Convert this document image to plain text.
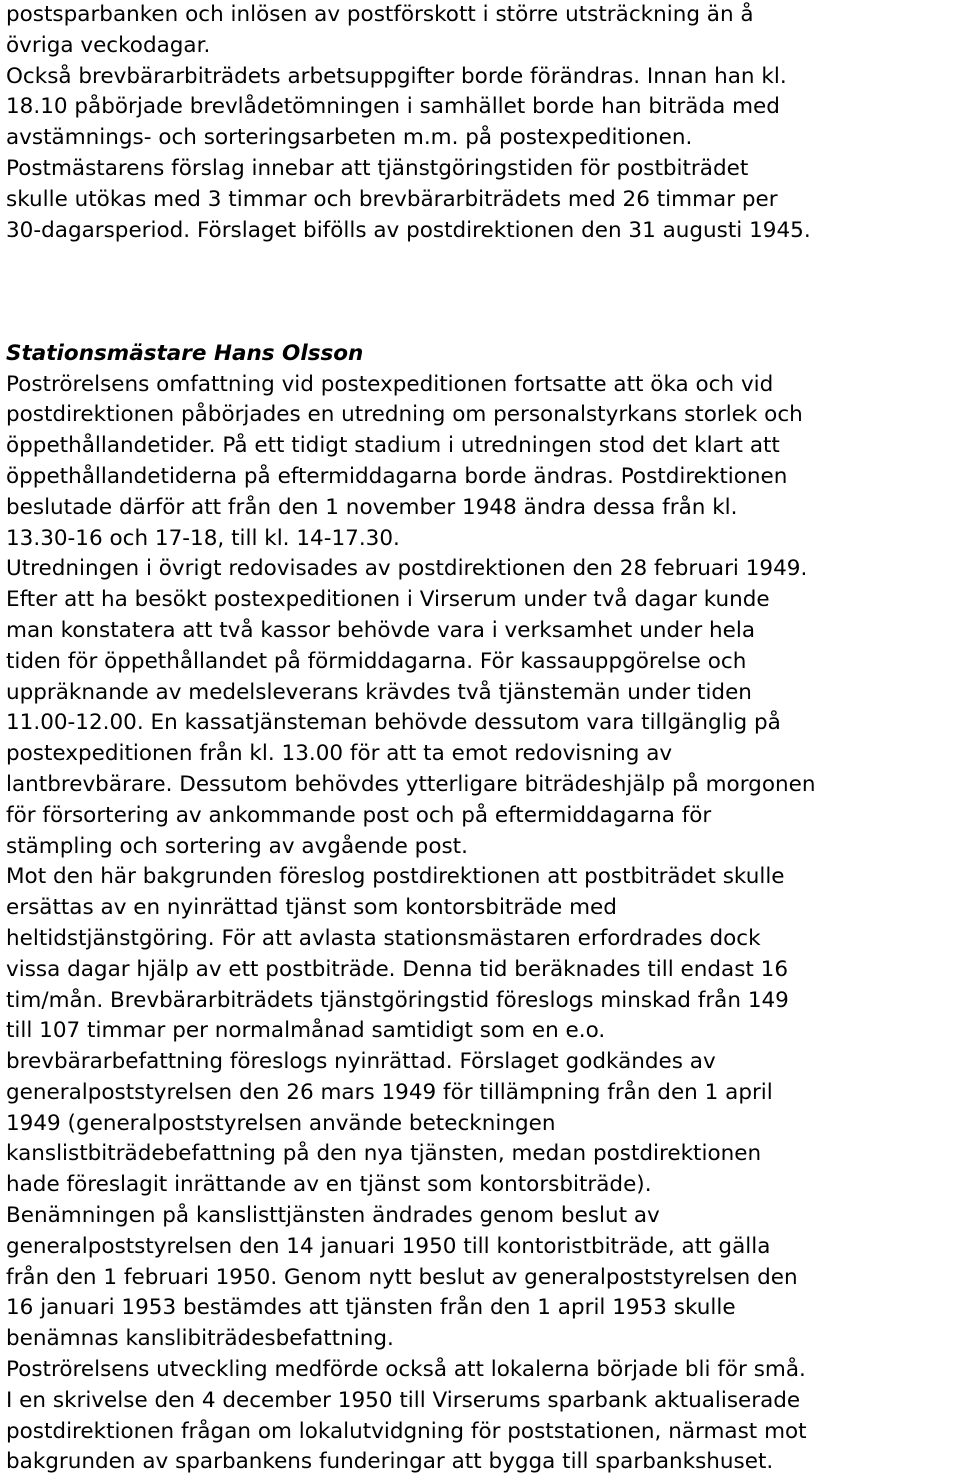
postsparbanken och inlösen av postförskott i större utsträckning än å
övriga veckodagar.
Också brevbärarbiträdets arbetsuppgifter borde förändras. Innan han kl.
18.10 påbörjade brevlådetömningen i samhället borde han biträda med
avstämnings- och sorteringsarbeten m.m. på postexpeditionen.
Postmästarens förslag innebar att tjänstgöringstiden för postbiträdet
skulle utökas med 3 timmar och brevbärarbiträdets med 26 timmar per
30-dagarsperiod. Förslaget bifölls av postdirektionen den 31 augusti 1945.
Stationsmästare Hans Olsson
Poströrelsens omfattning vid postexpeditionen fortsatte att öka och vid
postdirektionen påbörjades en utredning om personalstyrkans storlek och
öppethållandetider. På ett tidigt stadium i utredningen stod det klart att
öppethållandetiderna på eftermiddagarna borde ändras. Postdirektionen
beslutade därför att från den 1 november 1948 ändra dessa från kl.
13.30-16 och 17-18, till kl. 14-17.30.
Utredningen i övrigt redovisades av postdirektionen den 28 februari 1949.
Efter att ha besökt postexpeditionen i Virserum under två dagar kunde
man konstatera att två kassor behövde vara i verksamhet under hela
tiden för öppethållandet på förmiddagarna. För kassauppgörelse och
uppräknande av medelsleverans krävdes två tjänstemän under tiden
11.00-12.00. En kassatjänsteman behövde dessutom vara tillgänglig på
postexpeditionen från kl. 13.00 för att ta emot redovisning av
lantbrevbärare. Dessutom behövdes ytterligare biträdeshjälp på morgonen
för försortering av ankommande post och på eftermiddagarna för
stämpling och sortering av avgående post.
Mot den här bakgrunden föreslog postdirektionen att postbiträdet skulle
ersättas av en nyinrättad tjänst som kontorsbiträde med
heltidstjänstgöring. För att avlasta stationsmästaren erfordrades dock
vissa dagar hjälp av ett postbiträde. Denna tid beräknades till endast 16
tim/mån. Brevbärarbiträdets tjänstgöringstid föreslogs minskad från 149
till 107 timmar per normalmånad samtidigt som en e.o.
brevbärarbefattning föreslogs nyinrättad. Förslaget godkändes av
generalpoststyrelsen den 26 mars 1949 för tillämpning från den 1 april
1949 (generalpoststyrelsen använde beteckningen
kanslistbiträdebefattning på den nya tjänsten, medan postdirektionen
hade föreslagit inrättande av en tjänst som kontorsbiträde).
Benämningen på kanslisttjänsten ändrades genom beslut av
generalpoststyrelsen den 14 januari 1950 till kontoristbiträde, att gälla
från den 1 februari 1950. Genom nytt beslut av generalpoststyrelsen den
16 januari 1953 bestämdes att tjänsten från den 1 april 1953 skulle
benämnas kanslibiträdesbefattning.
Poströrelsens utveckling medförde också att lokalerna började bli för små.
I en skrivelse den 4 december 1950 till Virserums sparbank aktualiserade
postdirektionen frågan om lokalutvidgning för poststationen, närmast mot
bakgrunden av sparbankens funderingar att bygga till sparbankshuset.
